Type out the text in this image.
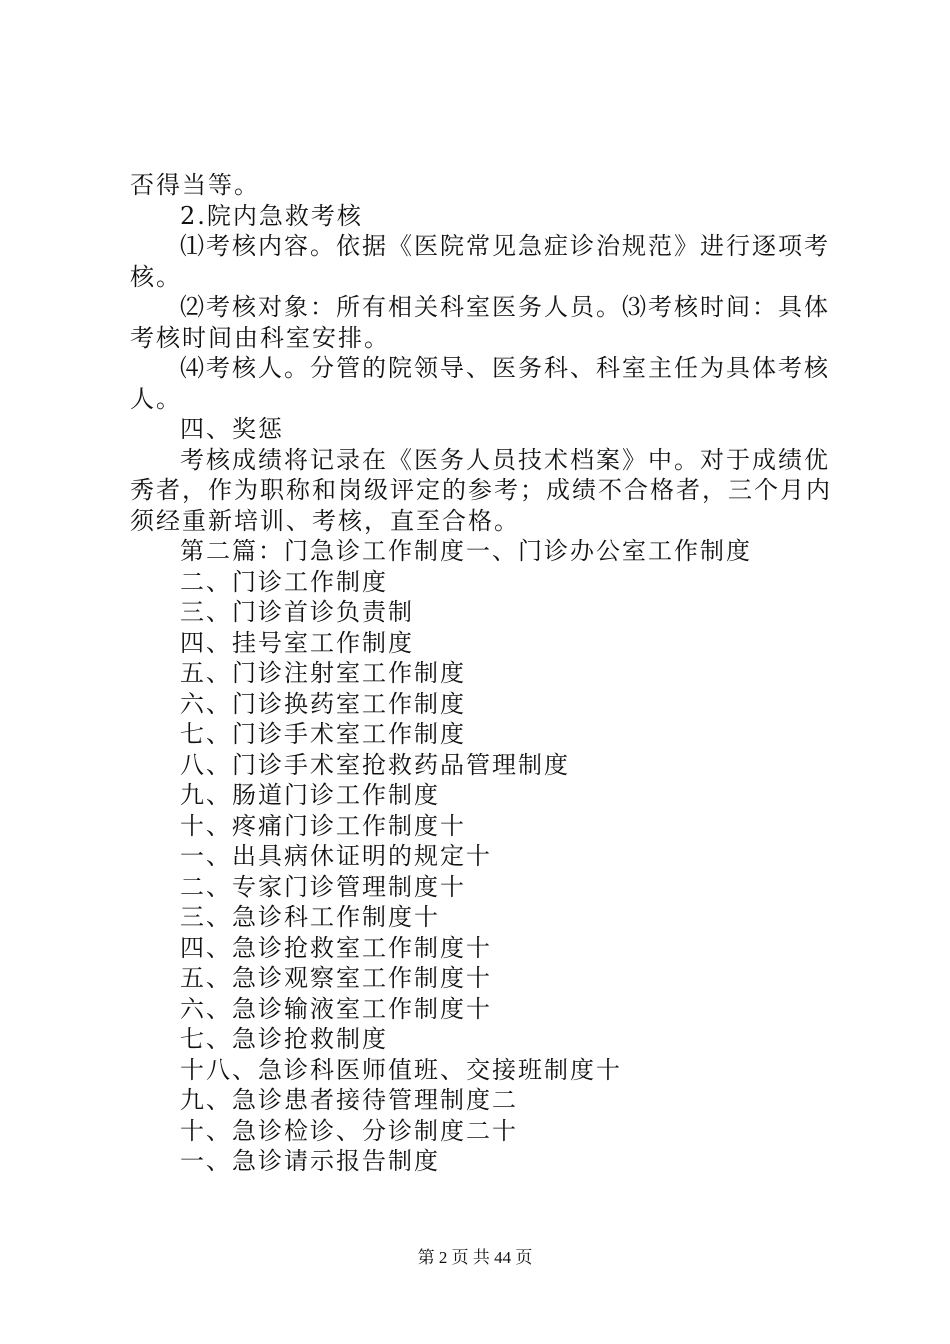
否得当等。
2.院内急救考核
⑴考核内容。依据《医院常见急症诊治规范》进行逐项考
核。
⑵考核对象：所有相关科室医务人员。⑶考核时间：具体
考核时间由科室安排。
⑷考核人。分管的院领导、医务科、科室主任为具体考核
人。
四、奖惩
考核成绩将记录在《医务人员技术档案》中。对于成绩优
秀者，作为职称和岗级评定的参考；成绩不合格者，三个月内
须经重新培训、考核，直至合格。
第二篇：门急诊工作制度一、门诊办公室工作制度
二、门诊工作制度
三、门诊首诊负责制
四、挂号室工作制度
五、门诊注射室工作制度
六、门诊换药室工作制度
七、门诊手术室工作制度
八、门诊手术室抢救药品管理制度
九、肠道门诊工作制度
十、疼痛门诊工作制度十
一、出具病休证明的规定十
二、专家门诊管理制度十
三、急诊科工作制度十
四、急诊抢救室工作制度十
五、急诊观察室工作制度十
六、急诊输液室工作制度十
七、急诊抢救制度
十八、急诊科医师值班、交接班制度十
九、急诊患者接待管理制度二
十、急诊检诊、分诊制度二十
一、急诊请示报告制度
第 2 页 共 44 页
